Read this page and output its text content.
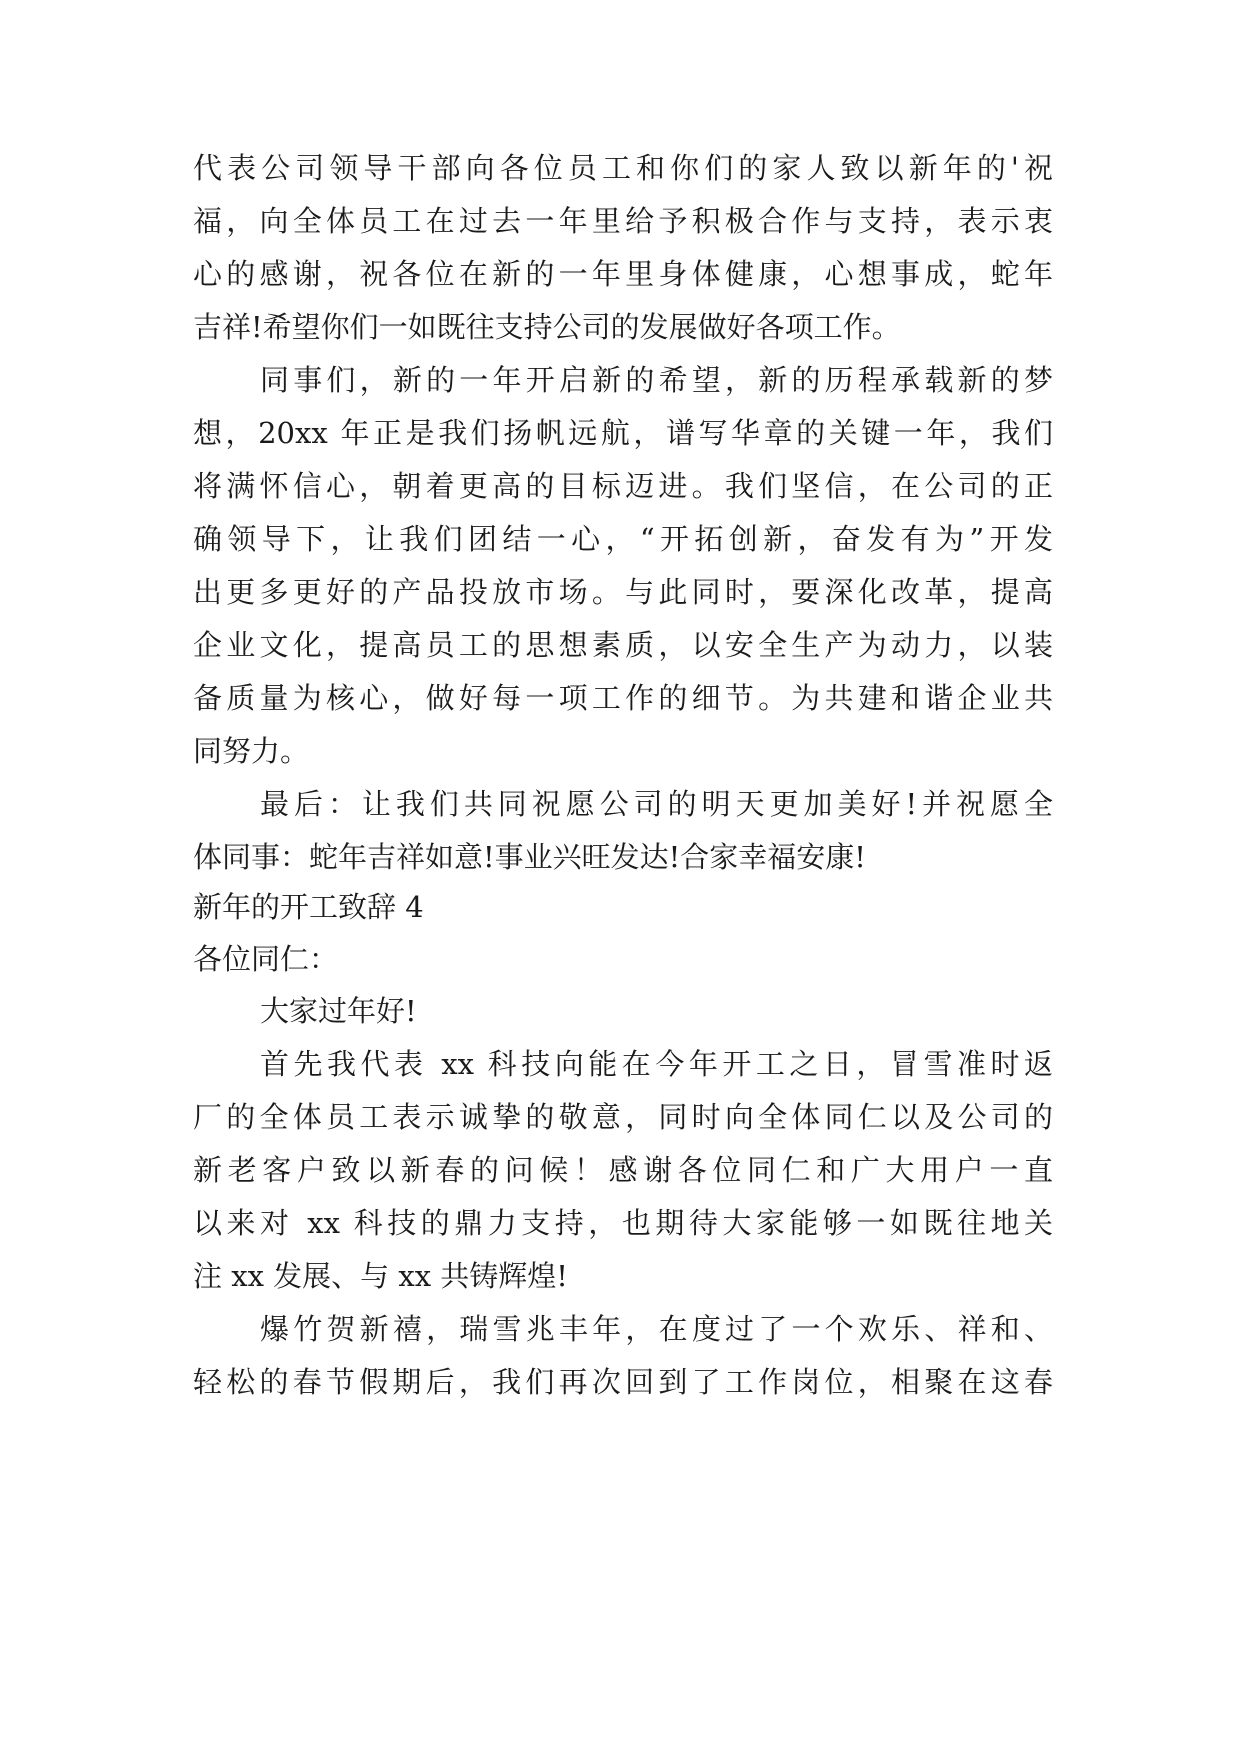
代表公司领导干部向各位员工和你们的家人致以新年的'祝
福，向全体员工在过去一年里给予积极合作与支持，表示衷
心的感谢，祝各位在新的一年里身体健康，心想事成，蛇年
吉祥!希望你们一如既往支持公司的发展做好各项工作。
同事们，新的一年开启新的希望，新的历程承载新的梦
想，20xx 年正是我们扬帆远航，谱写华章的关键一年，我们
将满怀信心，朝着更高的目标迈进。我们坚信，在公司的正
确领导下，让我们团结一心，“开拓创新，奋发有为”开发
出更多更好的产品投放市场。与此同时，要深化改革，提高
企业文化，提高员工的思想素质，以安全生产为动力，以装
备质量为核心，做好每一项工作的细节。为共建和谐企业共
同努力。
最后：让我们共同祝愿公司的明天更加美好!并祝愿全
体同事：蛇年吉祥如意!事业兴旺发达!合家幸福安康!
新年的开工致辞 4
各位同仁：
大家过年好!
首先我代表 xx 科技向能在今年开工之日，冒雪准时返
厂的全体员工表示诚挚的敬意，同时向全体同仁以及公司的
新老客户致以新春的问候！感谢各位同仁和广大用户一直
以来对 xx 科技的鼎力支持，也期待大家能够一如既往地关
注 xx 发展、与 xx 共铸辉煌!
爆竹贺新禧，瑞雪兆丰年，在度过了一个欢乐、祥和、
轻松的春节假期后，我们再次回到了工作岗位，相聚在这春
